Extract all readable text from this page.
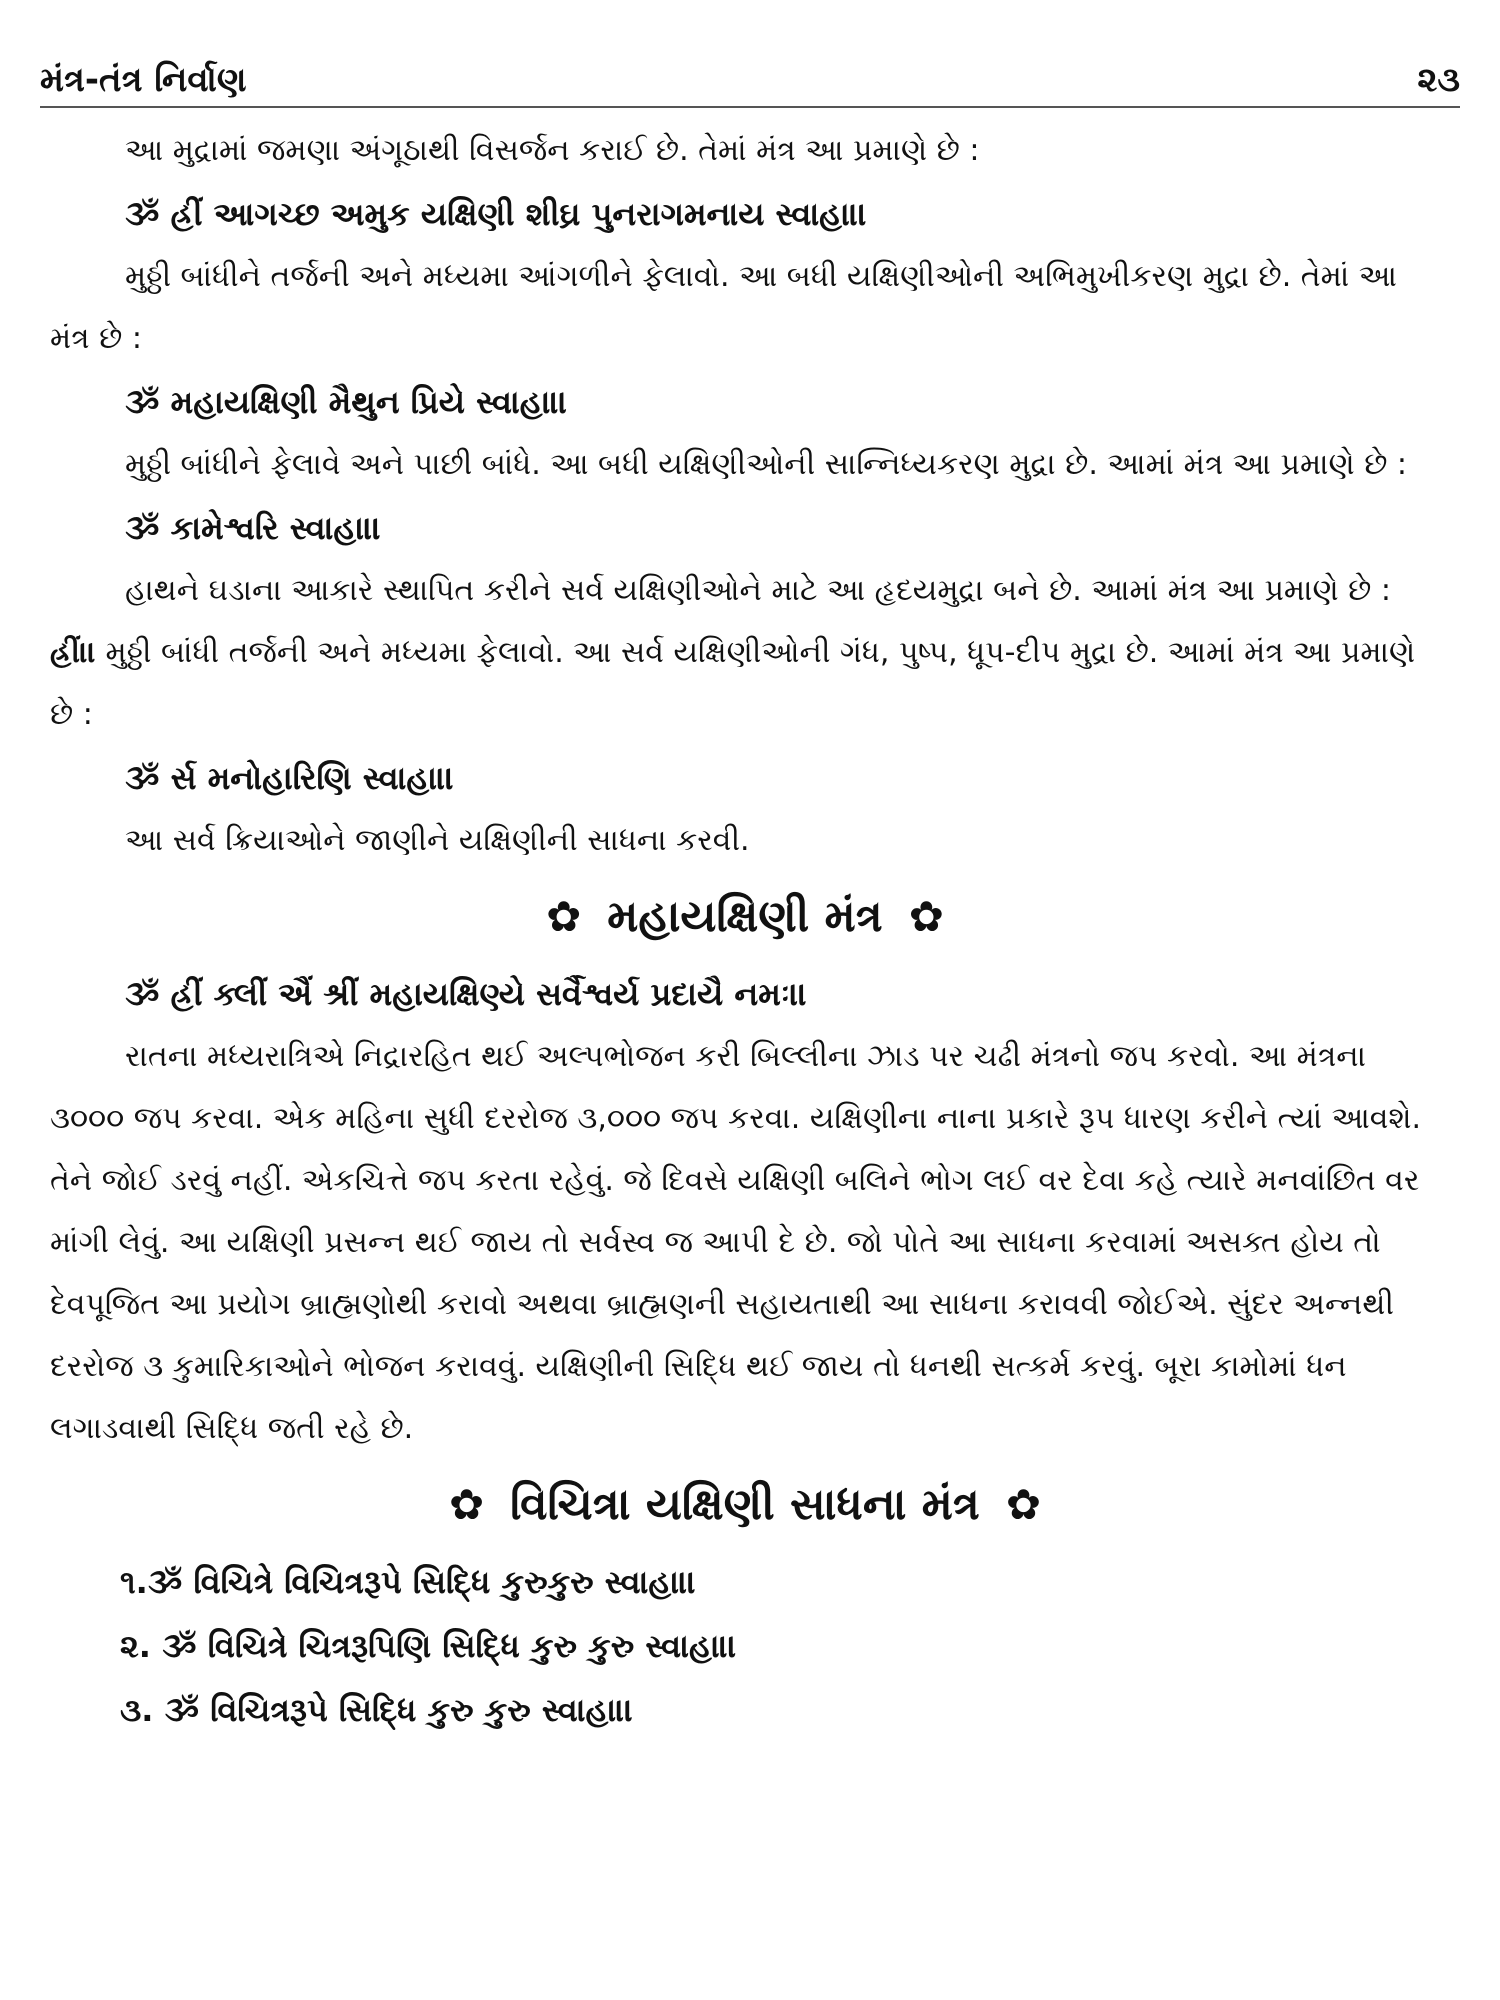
મંત્ર-તંત્ર નિર્વાણ	૨૩

આ મુદ્રામાં જમણા અંગૂઠાથી વિસર્જન કરાઈ છે. તેમાં મંત્ર આ પ્રમાણે છે :

ૐ હ્રીં આગચ્છ અમુક યક્ષિણી શીઘ્ર પુનરાગમનાય સ્વાહા।।

મુઠ્ઠી બાંધીને તર્જની અને મધ્યમા આંગળીને ફેલાવો. આ બધી યક્ષિણીઓની અભિમુખીકરણ મુદ્રા છે. તેમાં આ મંત્ર છે :

ૐ મહાયક્ષિણી મૈથુન પ્રિયે સ્વાહા।।

મુઠ્ઠી બાંધીને ફેલાવે અને પાછી બાંધે. આ બધી યક્ષિણીઓની સાન્નિધ્યકરણ મુદ્રા છે. આમાં મંત્ર આ પ્રમાણે છે :

ૐ કામેશ્વરિ સ્વાહા।।

હાથને ઘડાના આકારે સ્થાપિત કરીને સર્વ યક્ષિણીઓને માટે આ હૃદયમુદ્રા બને છે. આમાં મંત્ર આ પ્રમાણે છે : હ્રીં।। મુઠ્ઠી બાંધી તર્જની અને મધ્યમા ફેલાવો. આ સર્વ યક્ષિણીઓની ગંધ, પુષ્પ, ધૂપ-દીપ મુદ્રા છે. આમાં મંત્ર આ પ્રમાણે છે :

ૐ ર્સ મનોહારિણિ સ્વાહા।।

આ સર્વ ક્રિયાઓને જાણીને યક્ષિણીની સાધના કરવી.

✿ મહાયક્ષિણી મંત્ર ✿

ૐ હ્રીં ક્લીં ઐં શ્રીં મહાયક્ષિણ્યે સર્વૈશ્વર્ય પ્રદાયૈ નમઃ।।

રાતના મધ્યરાત્રિએ નિદ્રારહિત થઈ અલ્પભોજન કરી બિલ્લીના ઝાડ પર ચઢી મંત્રનો જપ કરવો. આ મંત્રના ૩૦૦૦ જપ કરવા. એક મહિના સુધી દરરોજ ૩,૦૦૦ જપ કરવા. યક્ષિણીના નાના પ્રકારે રૂપ ધારણ કરીને ત્યાં આવશે. તેને જોઈ ડરવું નહીં. એકચિત્તે જપ કરતા રહેવું. જે દિવસે યક્ષિણી બલિને ભોગ લઈ વર દેવા કહે ત્યારે મનવાંછિત વર માંગી લેવું. આ યક્ષિણી પ્રસન્ન થઈ જાય તો સર્વસ્વ જ આપી દે છે. જો પોતે આ સાધના કરવામાં અસક્ત હોય તો દેવપૂજિત આ પ્રયોગ બ્રાહ્મણોથી કરાવો અથવા બ્રાહ્મણની સહાયતાથી આ સાધના કરાવવી જોઈએ. સુંદર અન્નથી દરરોજ ૩ કુમારિકાઓને ભોજન કરાવવું. યક્ષિણીની સિદ્ધિ થઈ જાય તો ધનથી સત્કર્મ કરવું. બૂરા કામોમાં ધન લગાડવાથી સિદ્ધિ જતી રહે છે.

✿ વિચિત્રા યક્ષિણી સાધના મંત્ર ✿

૧.ૐ વિચિત્રે વિચિત્રરૂપે સિદ્ધિ કુરુકુરુ સ્વાહા।।

૨. ૐ વિચિત્રે ચિત્રરૂપિણિ સિદ્ધિ કુરુ કુરુ સ્વાહા।।

૩. ૐ વિચિત્રરૂપે સિદ્ધિ કુરુ કુરુ સ્વાહા।।
